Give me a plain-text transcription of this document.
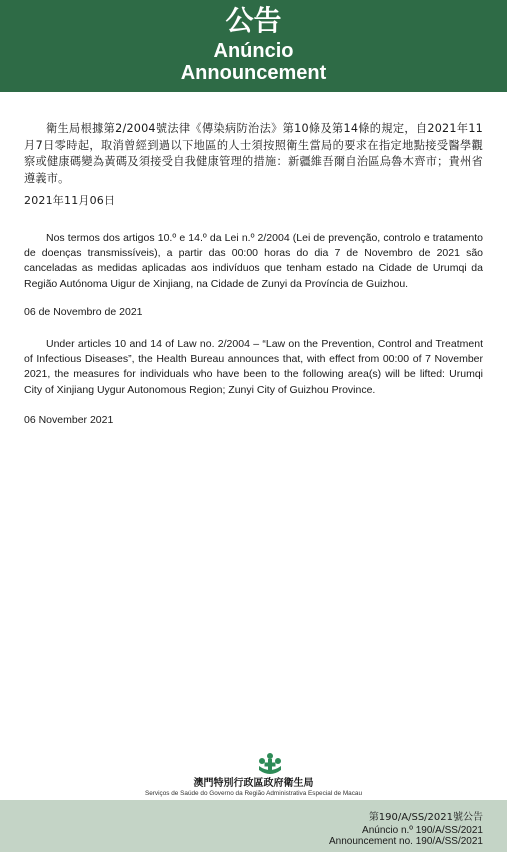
公告
Anúncio
Announcement

衛生局根據第2/2004號法律《傳染病防治法》第10條及第14條的規定，自2021年11月7日零時起，取消曾經到過以下地區的人士須按照衛生當局的要求在指定地點接受醫學觀察或健康碼變為黃碼及須接受自我健康管理的措施：新疆維吾爾自治區烏魯木齊市；貴州省遵義市。

2021年11月06日

Nos termos dos artigos 10.º e 14.º da Lei n.º 2/2004 (Lei de prevenção, controlo e tratamento de doenças transmissíveis), a partir das 00:00 horas do dia 7 de Novembro de 2021 são canceladas as medidas aplicadas aos indivíduos que tenham estado na Cidade de Urumqi da Região Autónoma Uigur de Xinjiang, na Cidade de Zunyi da Província de Guizhou.

06 de Novembro de 2021

Under articles 10 and 14 of Law no. 2/2004 – “Law on the Prevention, Control and Treatment of Infectious Diseases”, the Health Bureau announces that, with effect from 00:00 of 7 November 2021, the measures for individuals who have been to the following area(s) will be lifted: Urumqi City of Xinjiang Uygur Autonomous Region; Zunyi City of Guizhou Province.

06 November 2021

澳門特別行政區政府衛生局
Serviços de Saúde do Governo da Região Administrativa Especial de Macau
第190/A/SS/2021號公告
Anúncio n.º 190/A/SS/2021
Announcement no. 190/A/SS/2021
